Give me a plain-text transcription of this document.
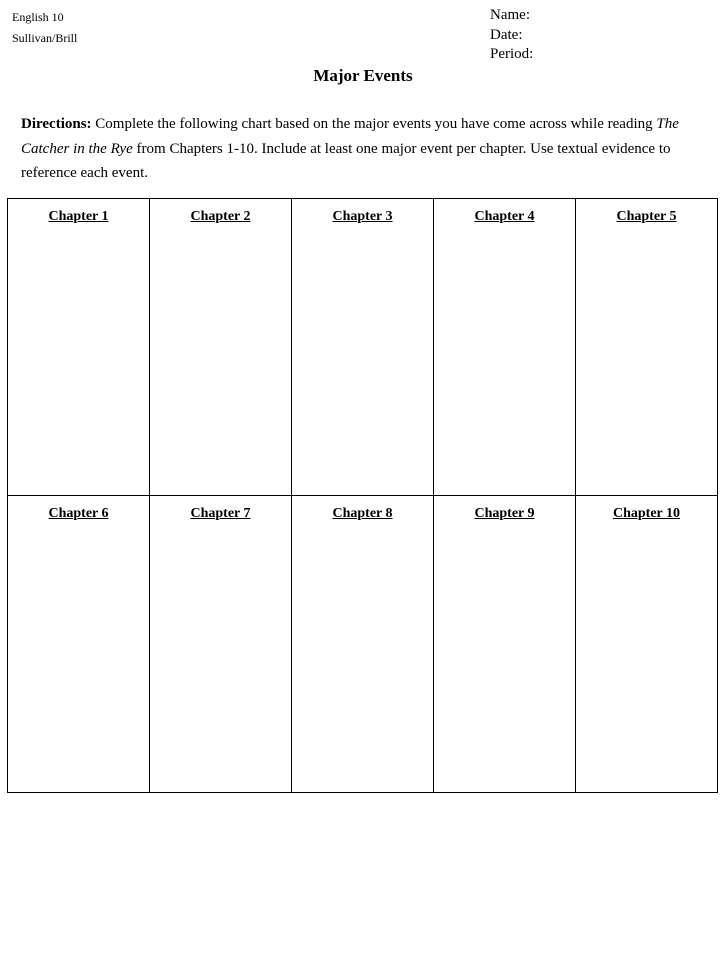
English 10
Sullivan/Brill
Name:
Date:
Period:
Major Events
Directions: Complete the following chart based on the major events you have come across while reading The Catcher in the Rye from Chapters 1-10. Include at least one major event per chapter. Use textual evidence to reference each event.
Chapter 1	Chapter 2	Chapter 3	Chapter 4	Chapter 5
Chapter 6	Chapter 7	Chapter 8	Chapter 9	Chapter 10
